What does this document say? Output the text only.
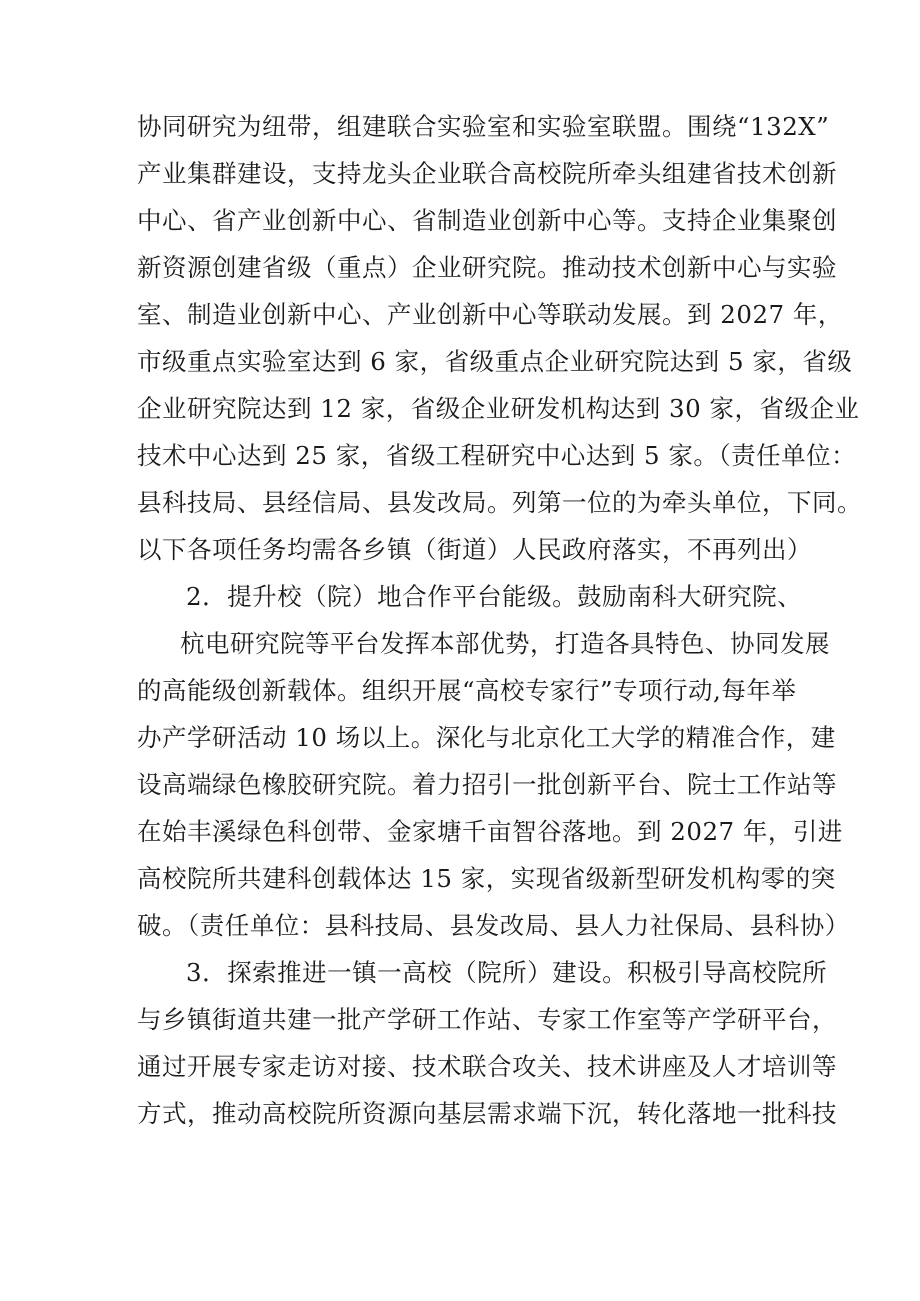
协同研究为纽带，组建联合实验室和实验室联盟。围绕“132X”

产业集群建设，支持龙头企业联合高校院所牵头组建省技术创新

中心、省产业创新中心、省制造业创新中心等。支持企业集聚创

新资源创建省级（重点）企业研究院。推动技术创新中心与实验

室、制造业创新中心、产业创新中心等联动发展。到 2027 年，

市级重点实验室达到 6 家，省级重点企业研究院达到 5 家，省级

企业研究院达到 12 家，省级企业研发机构达到 30 家，省级企业

技术中心达到 25 家，省级工程研究中心达到 5 家。（责任单位：

县科技局、县经信局、县发改局。列第一位的为牵头单位，下同。

以下各项任务均需各乡镇（街道）人民政府落实，不再列出）

2．提升校（院）地合作平台能级。鼓励南科大研究院、

杭电研究院等平台发挥本部优势，打造各具特色、协同发展

的高能级创新载体。组织开展“高校专家行”专项行动,每年举

办产学研活动 10 场以上。深化与北京化工大学的精准合作，建

设高端绿色橡胶研究院。着力招引一批创新平台、院士工作站等

在始丰溪绿色科创带、金家塘千亩智谷落地。到 2027 年，引进

高校院所共建科创载体达 15 家，实现省级新型研发机构零的突

破。（责任单位：县科技局、县发改局、县人力社保局、县科协）

3．探索推进一镇一高校（院所）建设。积极引导高校院所

与乡镇街道共建一批产学研工作站、专家工作室等产学研平台，

通过开展专家走访对接、技术联合攻关、技术讲座及人才培训等

方式，推动高校院所资源向基层需求端下沉，转化落地一批科技
